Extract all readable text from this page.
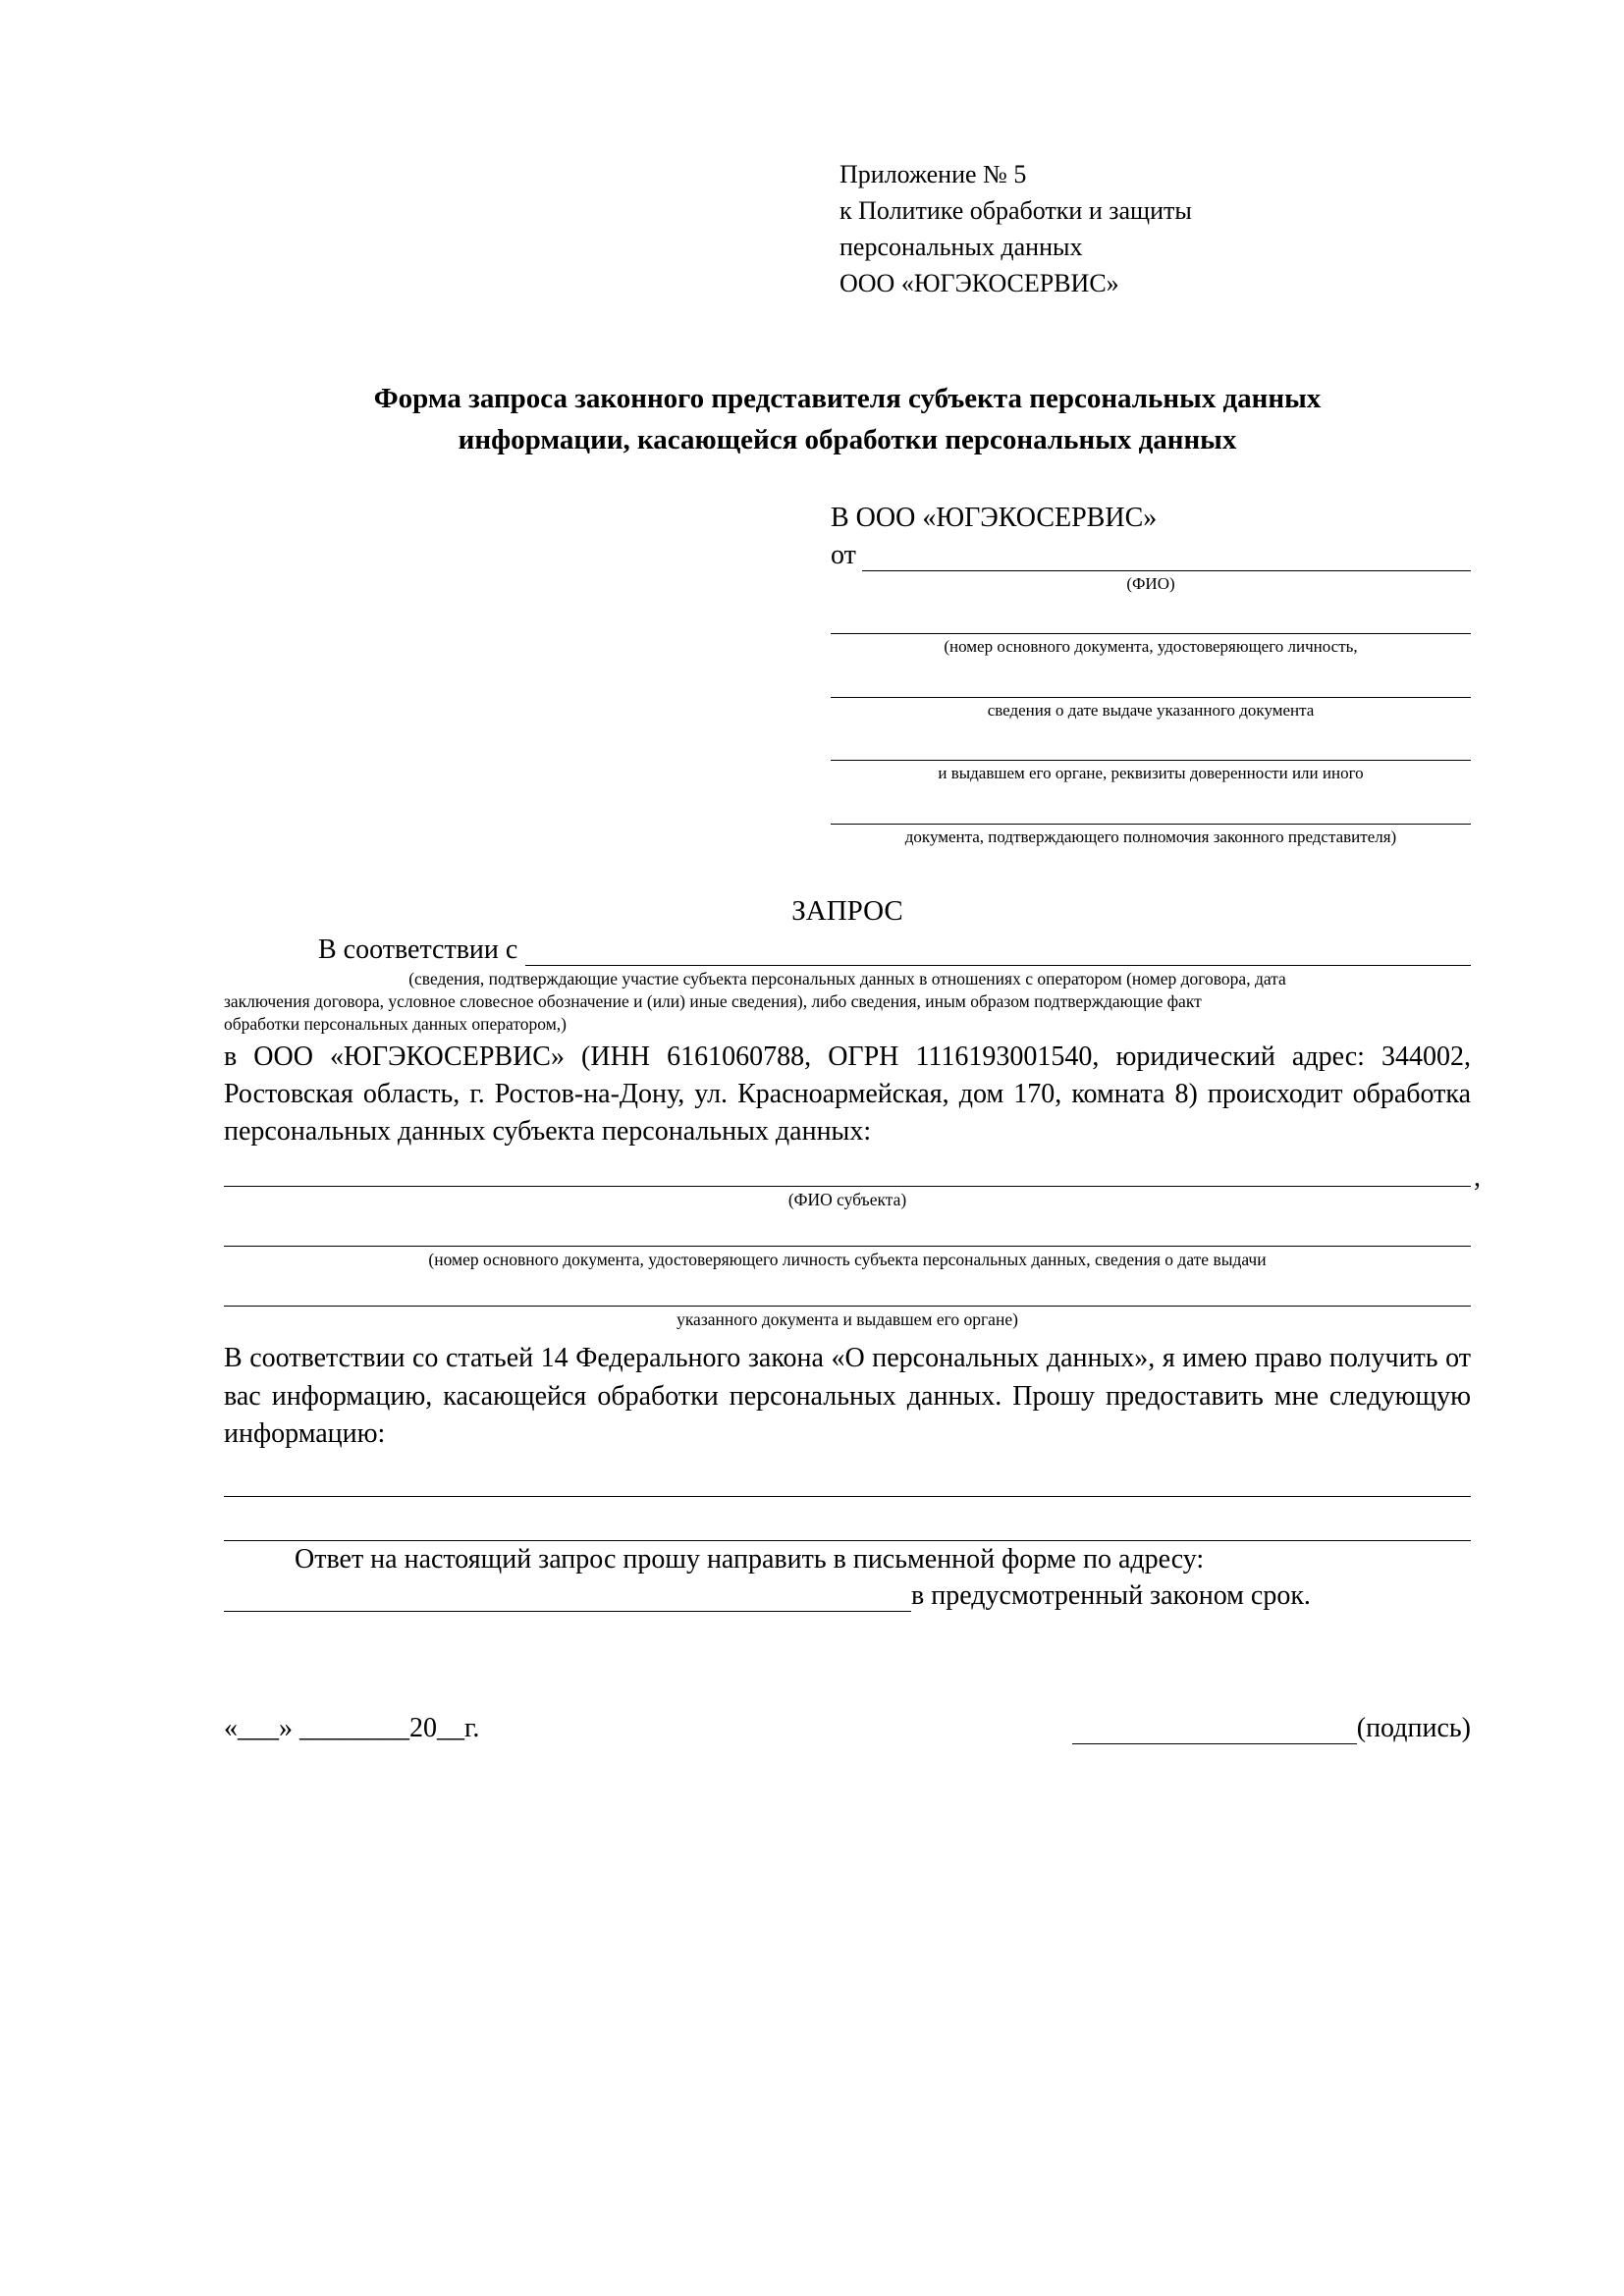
Приложение № 5
к Политике обработки и защиты
персональных данных
ООО «ЮГЭКОСЕРВИС»
Форма запроса законного представителя субъекта персональных данных
информации, касающейся обработки персональных данных
В ООО «ЮГЭКОСЕРВИС»
от
(ФИО)
(номер основного документа, удостоверяющего личность,
сведения о дате выдаче указанного документа
и выдавшем его органе, реквизиты доверенности или иного
документа, подтверждающего полномочия законного представителя)
ЗАПРОС
В соответствии с
(сведения, подтверждающие участие субъекта персональных данных в отношениях с оператором (номер договора, дата
заключения договора, условное словесное обозначение и (или) иные сведения), либо сведения, иным образом подтверждающие факт
обработки персональных данных оператором,)
в ООО «ЮГЭКОСЕРВИС» (ИНН 6161060788, ОГРН 1116193001540, юридический адрес: 344002, Ростовская область, г. Ростов-на-Дону, ул. Красноармейская, дом 170, комната 8) происходит обработка персональных данных субъекта персональных данных:
,
(ФИО субъекта)
(номер основного документа, удостоверяющего личность субъекта персональных данных, сведения о дате выдачи
указанного документа и выдавшем его органе)
В соответствии со статьей 14 Федерального закона «О персональных данных», я имею право получить от вас информацию, касающейся обработки персональных данных. Прошу предоставить мне следующую информацию:
Ответ на настоящий запрос прошу направить в письменной форме по адресу:
в предусмотренный законом срок.
«___» ________20__г.	(подпись)
